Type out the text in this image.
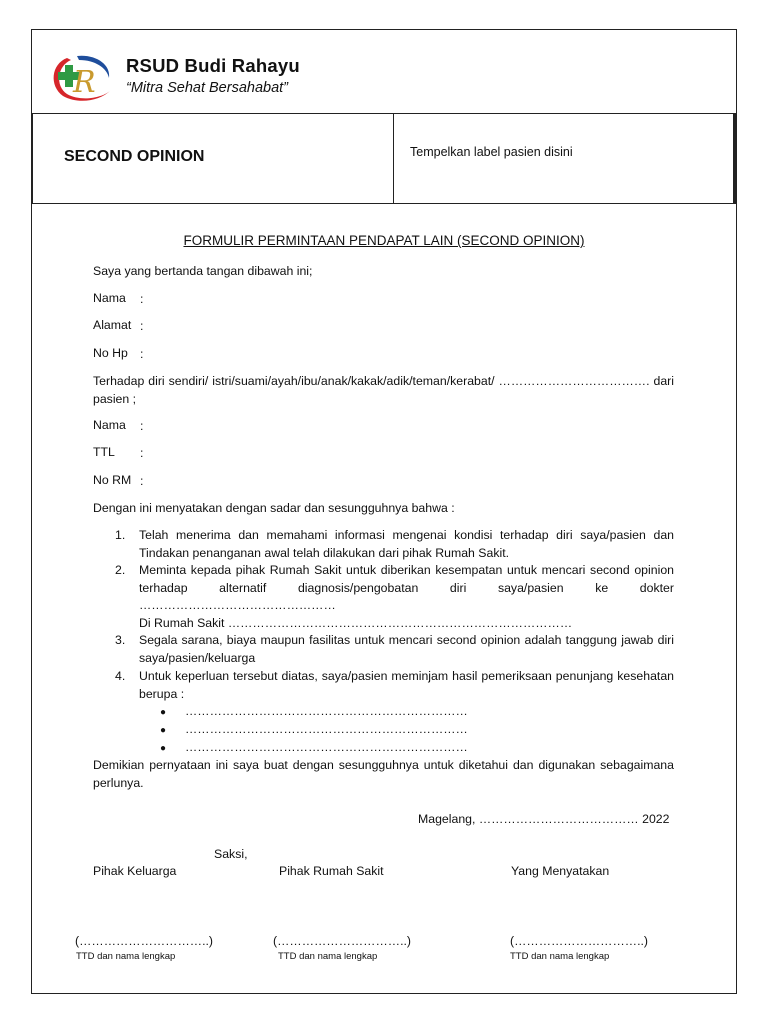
R RSUD Budi Rahayu
“Mitra Sehat Bersahabat”
SECOND OPINION	Tempelkan label pasien disini
FORMULIR PERMINTAAN PENDAPAT LAIN (SECOND OPINION)
Saya yang bertanda tangan dibawah ini;
Nama :
Alamat :
No Hp :
Terhadap diri sendiri/ istri/suami/ayah/ibu/anak/kakak/adik/teman/kerabat/ ………………………………. dari pasien ;
Nama :
TTL :
No RM :
Dengan ini menyatakan dengan sadar dan sesungguhnya bahwa :
1. Telah menerima dan memahami informasi mengenai kondisi terhadap diri saya/pasien dan Tindakan penanganan awal telah dilakukan dari pihak Rumah Sakit.
2. Meminta kepada pihak Rumah Sakit untuk diberikan kesempatan untuk mencari second opinion terhadap alternatif diagnosis/pengobatan diri saya/pasien ke dokter …………………………………………
Di Rumah Sakit …………………………………………………………………………
3. Segala sarana, biaya maupun fasilitas untuk mencari second opinion adalah tanggung jawab diri saya/pasien/keluarga
4. Untuk keperluan tersebut diatas, saya/pasien meminjam hasil pemeriksaan penunjang kesehatan berupa :
● ……………………………………………………………
● ……………………………………………………………
● ……………………………………………………………
Demikian pernyataan ini saya buat dengan sesungguhnya untuk diketahui dan digunakan sebagaimana perlunya.
Magelang, ………………………………… 2022
Saksi,
Pihak Keluarga	Pihak Rumah Sakit	Yang Menyatakan
(…………………………..)	(…………………………..)	(…………………………..)
TTD dan nama lengkap	TTD dan nama lengkap	TTD dan nama lengkap
